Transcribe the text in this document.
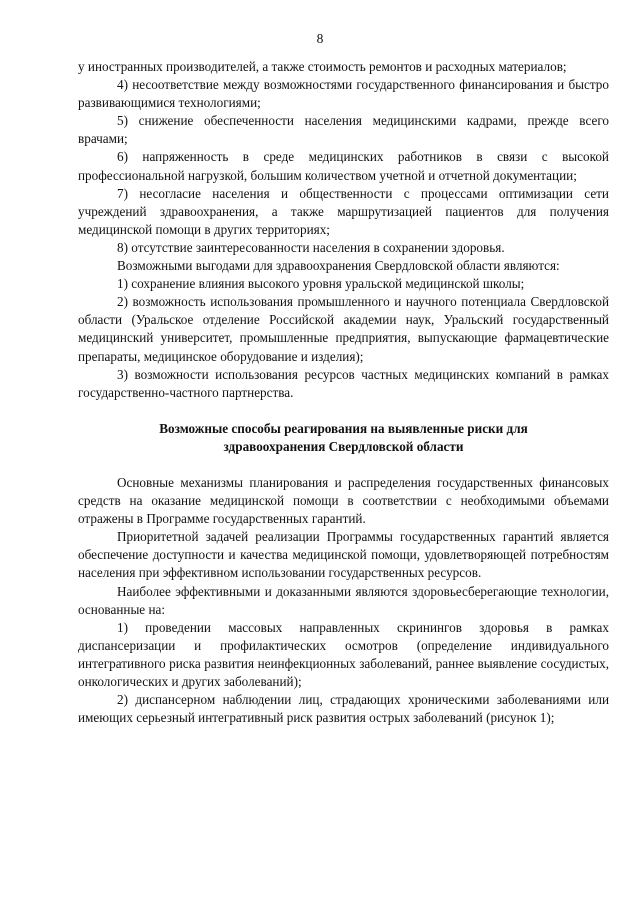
8

у иностранных производителей, а также стоимость ремонтов и расходных материалов;

4) несоответствие между возможностями государственного финансирования и быстро развивающимися технологиями;

5) снижение обеспеченности населения медицинскими кадрами, прежде всего врачами;

6) напряженность в среде медицинских работников в связи с высокой профессиональной нагрузкой, большим количеством учетной и отчетной документации;

7) несогласие населения и общественности с процессами оптимизации сети учреждений здравоохранения, а также маршрутизацией пациентов для получения медицинской помощи в других территориях;

8) отсутствие заинтересованности населения в сохранении здоровья.

Возможными выгодами для здравоохранения Свердловской области являются:

1) сохранение влияния высокого уровня уральской медицинской школы;

2) возможность использования промышленного и научного потенциала Свердловской области (Уральское отделение Российской академии наук, Уральский государственный медицинский университет, промышленные предприятия, выпускающие фармацевтические препараты, медицинское оборудование и изделия);

3) возможности использования ресурсов частных медицинских компаний в рамках государственно-частного партнерства.

Возможные способы реагирования на выявленные риски для
здравоохранения Свердловской области

Основные механизмы планирования и распределения государственных финансовых средств на оказание медицинской помощи в соответствии с необходимыми объемами отражены в Программе государственных гарантий.

Приоритетной задачей реализации Программы государственных гарантий является обеспечение доступности и качества медицинской помощи, удовлетворяющей потребностям населения при эффективном использовании государственных ресурсов.

Наиболее эффективными и доказанными являются здоровьесберегающие технологии, основанные на:

1) проведении массовых направленных скринингов здоровья в рамках диспансеризации и профилактических осмотров (определение индивидуального интегративного риска развития неинфекционных заболеваний, раннее выявление сосудистых, онкологических и других заболеваний);

2) диспансерном наблюдении лиц, страдающих хроническими заболеваниями или имеющих серьезный интегративный риск развития острых заболеваний (рисунок 1);
